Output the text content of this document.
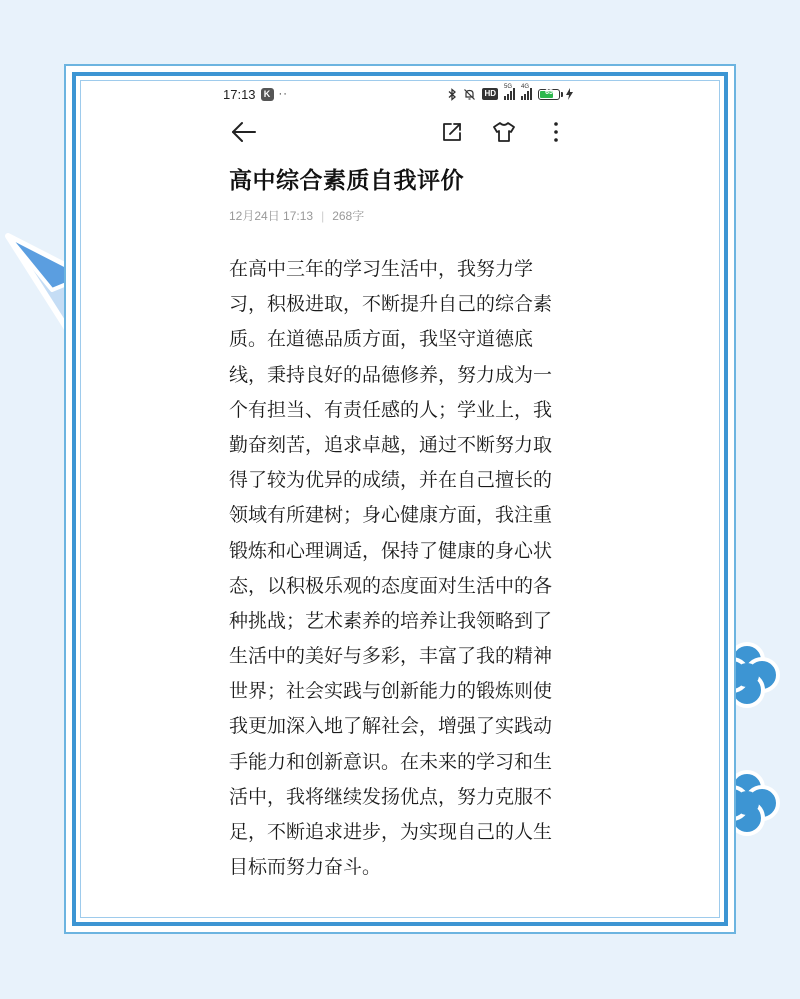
17:13 K ··	HD
5G 4G
65
高中综合素质自我评价
12月24日 17:13 | 268字
在高中三年的学习生活中，我努力学
习，积极进取，不断提升自己的综合素
质。在道德品质方面，我坚守道德底
线，秉持良好的品德修养，努力成为一
个有担当、有责任感的人；学业上，我
勤奋刻苦，追求卓越，通过不断努力取
得了较为优异的成绩，并在自己擅长的
领域有所建树；身心健康方面，我注重
锻炼和心理调适，保持了健康的身心状
态，以积极乐观的态度面对生活中的各
种挑战；艺术素养的培养让我领略到了
生活中的美好与多彩，丰富了我的精神
世界；社会实践与创新能力的锻炼则使
我更加深入地了解社会，增强了实践动
手能力和创新意识。在未来的学习和生
活中，我将继续发扬优点，努力克服不
足，不断追求进步，为实现自己的人生
目标而努力奋斗。
